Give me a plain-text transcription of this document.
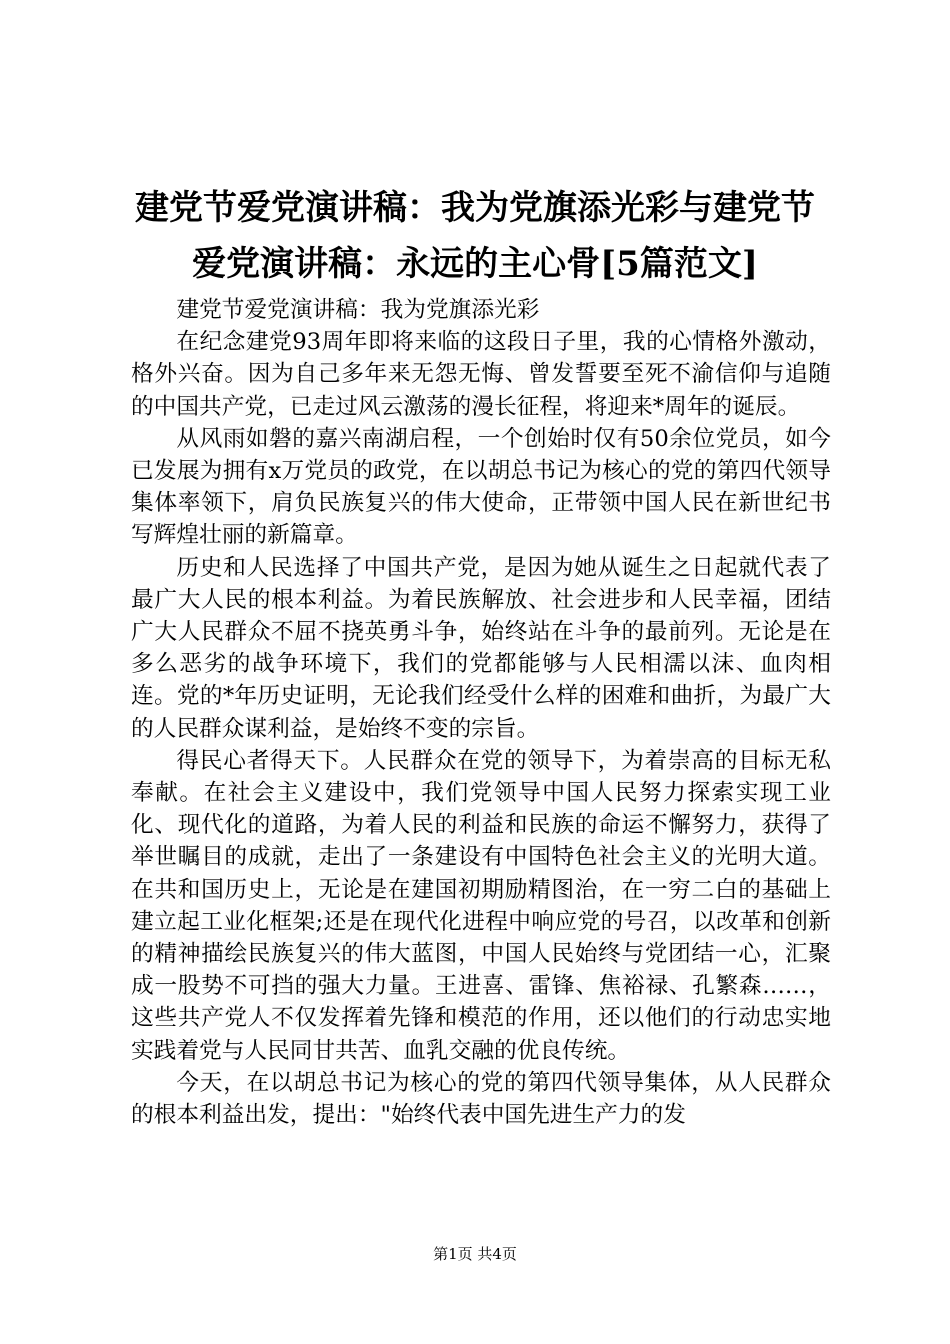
建党节爱党演讲稿：我为党旗添光彩与建党节
爱党演讲稿：永远的主心骨[5篇范文]

建党节爱党演讲稿：我为党旗添光彩

在纪念建党93周年即将来临的这段日子里，我的心情格外激动，格外兴奋。因为自己多年来无怨无悔、曾发誓要至死不渝信仰与追随的中国共产党，已走过风云激荡的漫长征程，将迎来*周年的诞辰。

从风雨如磐的嘉兴南湖启程，一个创始时仅有50余位党员，如今已发展为拥有x万党员的政党，在以胡总书记为核心的党的第四代领导集体率领下，肩负民族复兴的伟大使命，正带领中国人民在新世纪书写辉煌壮丽的新篇章。

历史和人民选择了中国共产党，是因为她从诞生之日起就代表了最广大人民的根本利益。为着民族解放、社会进步和人民幸福，团结广大人民群众不屈不挠英勇斗争，始终站在斗争的最前列。无论是在多么恶劣的战争环境下，我们的党都能够与人民相濡以沫、血肉相连。党的*年历史证明，无论我们经受什么样的困难和曲折，为最广大的人民群众谋利益，是始终不变的宗旨。

得民心者得天下。人民群众在党的领导下，为着崇高的目标无私奉献。在社会主义建设中，我们党领导中国人民努力探索实现工业化、现代化的道路，为着人民的利益和民族的命运不懈努力，获得了举世瞩目的成就，走出了一条建设有中国特色社会主义的光明大道。在共和国历史上，无论是在建国初期励精图治，在一穷二白的基础上建立起工业化框架;还是在现代化进程中响应党的号召，以改革和创新的精神描绘民族复兴的伟大蓝图，中国人民始终与党团结一心，汇聚成一股势不可挡的强大力量。王进喜、雷锋、焦裕禄、孔繁森……，这些共产党人不仅发挥着先锋和模范的作用，还以他们的行动忠实地实践着党与人民同甘共苦、血乳交融的优良传统。

今天，在以胡总书记为核心的党的第四代领导集体，从人民群众的根本利益出发，提出："始终代表中国先进生产力的发

第1页 共4页
